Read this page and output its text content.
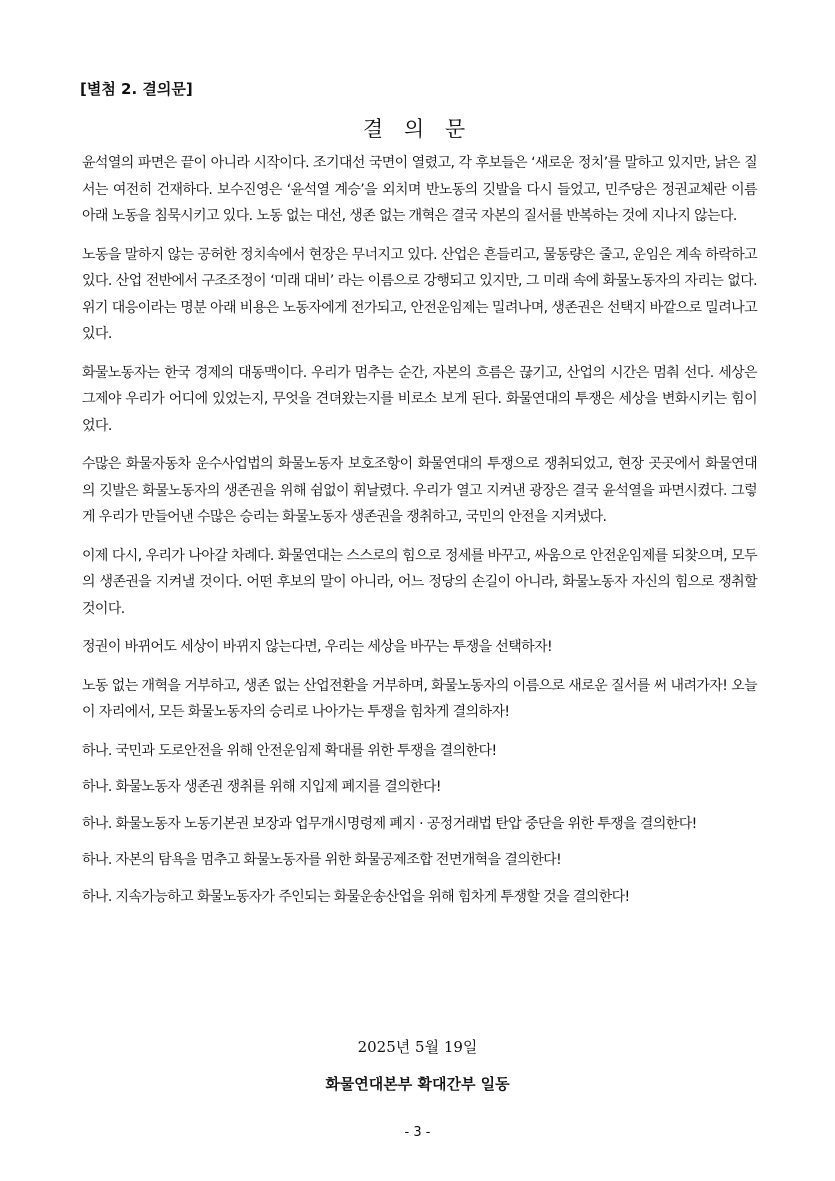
[별첨 2. 결의문]
결 의 문

윤석열의 파면은 끝이 아니라 시작이다. 조기대선 국면이 열렸고, 각 후보들은 ‘새로운 정치’를 말하고 있지만, 낡은 질서는 여전히 건재하다. 보수진영은 ‘윤석열 계승’을 외치며 반노동의 깃발을 다시 들었고, 민주당은 정권교체란 이름 아래 노동을 침묵시키고 있다. 노동 없는 대선, 생존 없는 개혁은 결국 자본의 질서를 반복하는 것에 지나지 않는다.

노동을 말하지 않는 공허한 정치속에서 현장은 무너지고 있다. 산업은 흔들리고, 물동량은 줄고, 운임은 계속 하락하고 있다. 산업 전반에서 구조조정이 ‘미래 대비’ 라는 이름으로 강행되고 있지만, 그 미래 속에 화물노동자의 자리는 없다. 위기 대응이라는 명분 아래 비용은 노동자에게 전가되고, 안전운임제는 밀려나며, 생존권은 선택지 바깥으로 밀려나고 있다.

화물노동자는 한국 경제의 대동맥이다. 우리가 멈추는 순간, 자본의 흐름은 끊기고, 산업의 시간은 멈춰 선다. 세상은 그제야 우리가 어디에 있었는지, 무엇을 견뎌왔는지를 비로소 보게 된다. 화물연대의 투쟁은 세상을 변화시키는 힘이었다.

수많은 화물자동차 운수사업법의 화물노동자 보호조항이 화물연대의 투쟁으로 쟁취되었고, 현장 곳곳에서 화물연대의 깃발은 화물노동자의 생존권을 위해 쉼없이 휘날렸다. 우리가 열고 지켜낸 광장은 결국 윤석열을 파면시켰다. 그렇게 우리가 만들어낸 수많은 승리는 화물노동자 생존권을 쟁취하고, 국민의 안전을 지켜냈다.

이제 다시, 우리가 나아갈 차례다. 화물연대는 스스로의 힘으로 정세를 바꾸고, 싸움으로 안전운임제를 되찾으며, 모두의 생존권을 지켜낼 것이다. 어떤 후보의 말이 아니라, 어느 정당의 손길이 아니라, 화물노동자 자신의 힘으로 쟁취할 것이다.

정권이 바뀌어도 세상이 바뀌지 않는다면, 우리는 세상을 바꾸는 투쟁을 선택하자!

노동 없는 개혁을 거부하고, 생존 없는 산업전환을 거부하며, 화물노동자의 이름으로 새로운 질서를 써 내려가자! 오늘 이 자리에서, 모든 화물노동자의 승리로 나아가는 투쟁을 힘차게 결의하자!

하나. 국민과 도로안전을 위해 안전운임제 확대를 위한 투쟁을 결의한다!

하나. 화물노동자 생존권 쟁취를 위해 지입제 폐지를 결의한다!

하나. 화물노동자 노동기본권 보장과 업무개시명령제 폐지 · 공정거래법 탄압 중단을 위한 투쟁을 결의한다!

하나. 자본의 탐욕을 멈추고 화물노동자를 위한 화물공제조합 전면개혁을 결의한다!

하나. 지속가능하고 화물노동자가 주인되는 화물운송산업을 위해 힘차게 투쟁할 것을 결의한다!

2025년 5월 19일
화물연대본부 확대간부 일동
- 3 -
